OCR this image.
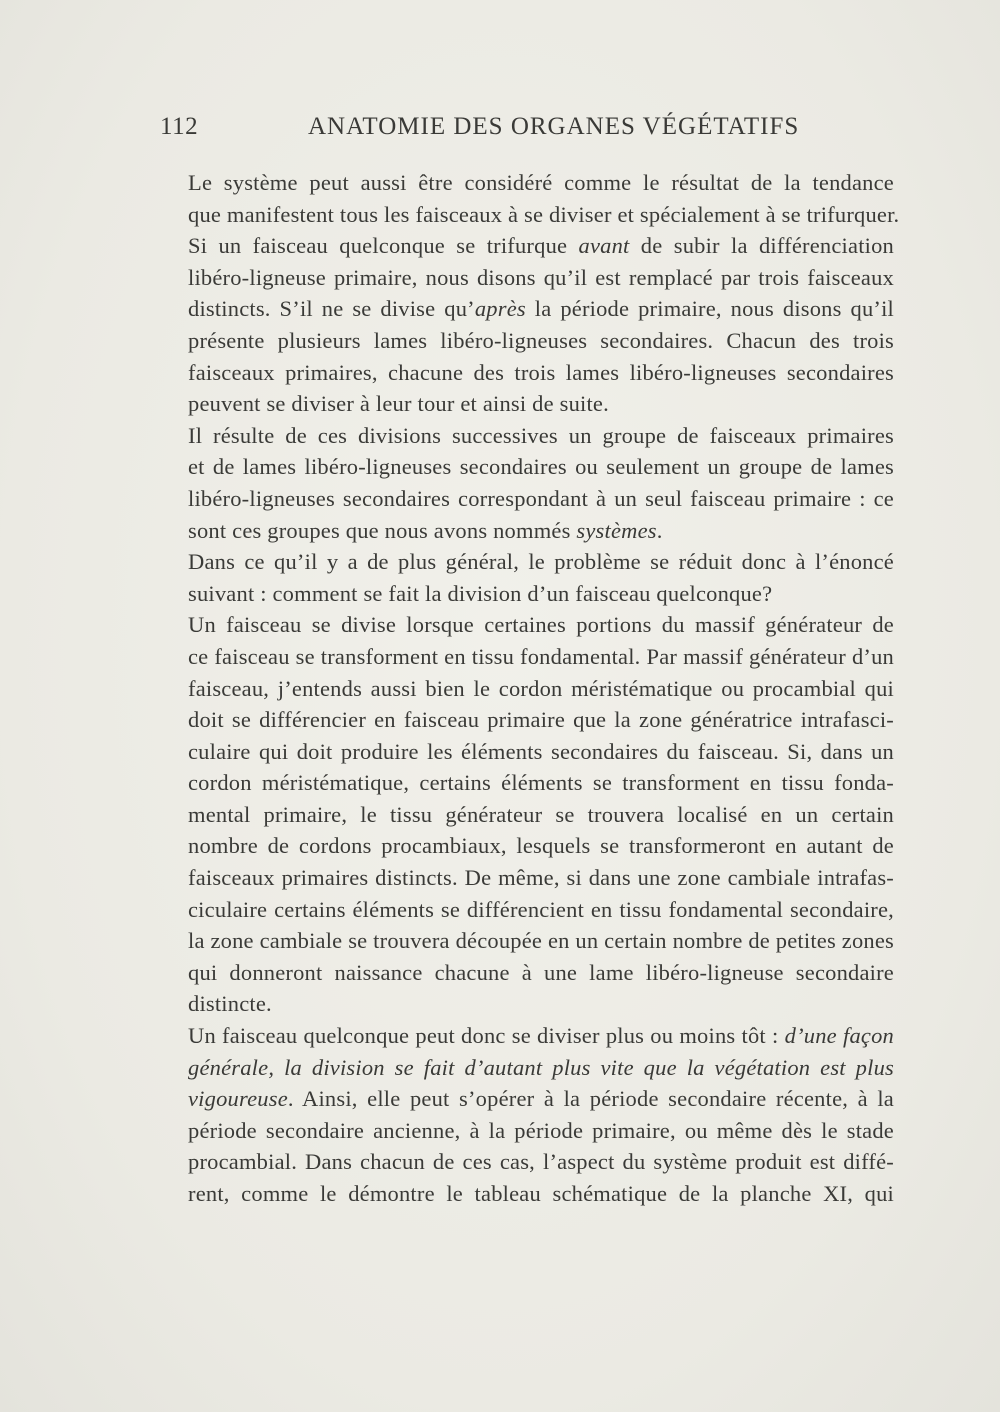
112	ANATOMIE DES ORGANES VÉGÉTATIFS

Le système peut aussi être considéré comme le résultat de la tendance
que manifestent tous les faisceaux à se diviser et spécialement à se trifurquer.
Si un faisceau quelconque se trifurque avant de subir la différenciation
libéro-ligneuse primaire, nous disons qu’il est remplacé par trois faisceaux
distincts. S’il ne se divise qu’après la période primaire, nous disons qu’il
présente plusieurs lames libéro-ligneuses secondaires. Chacun des trois
faisceaux primaires, chacune des trois lames libéro-ligneuses secondaires
peuvent se diviser à leur tour et ainsi de suite.

Il résulte de ces divisions successives un groupe de faisceaux primaires
et de lames libéro-ligneuses secondaires ou seulement un groupe de lames
libéro-ligneuses secondaires correspondant à un seul faisceau primaire : ce
sont ces groupes que nous avons nommés systèmes.

Dans ce qu’il y a de plus général, le problème se réduit donc à l’énoncé
suivant : comment se fait la division d’un faisceau quelconque?

Un faisceau se divise lorsque certaines portions du massif générateur de
ce faisceau se transforment en tissu fondamental. Par massif générateur d’un
faisceau, j’entends aussi bien le cordon méristématique ou procambial qui
doit se différencier en faisceau primaire que la zone génératrice intrafasci-
culaire qui doit produire les éléments secondaires du faisceau. Si, dans un
cordon méristématique, certains éléments se transforment en tissu fonda-
mental primaire, le tissu générateur se trouvera localisé en un certain
nombre de cordons procambiaux, lesquels se transformeront en autant de
faisceaux primaires distincts. De même, si dans une zone cambiale intrafas-
ciculaire certains éléments se différencient en tissu fondamental secondaire,
la zone cambiale se trouvera découpée en un certain nombre de petites zones
qui donneront naissance chacune à une lame libéro-ligneuse secondaire
distincte.

Un faisceau quelconque peut donc se diviser plus ou moins tôt : d’une façon
générale, la division se fait d’autant plus vite que la végétation est plus
vigoureuse. Ainsi, elle peut s’opérer à la période secondaire récente, à la
période secondaire ancienne, à la période primaire, ou même dès le stade
procambial. Dans chacun de ces cas, l’aspect du système produit est diffé-
rent, comme le démontre le tableau schématique de la planche XI, qui
